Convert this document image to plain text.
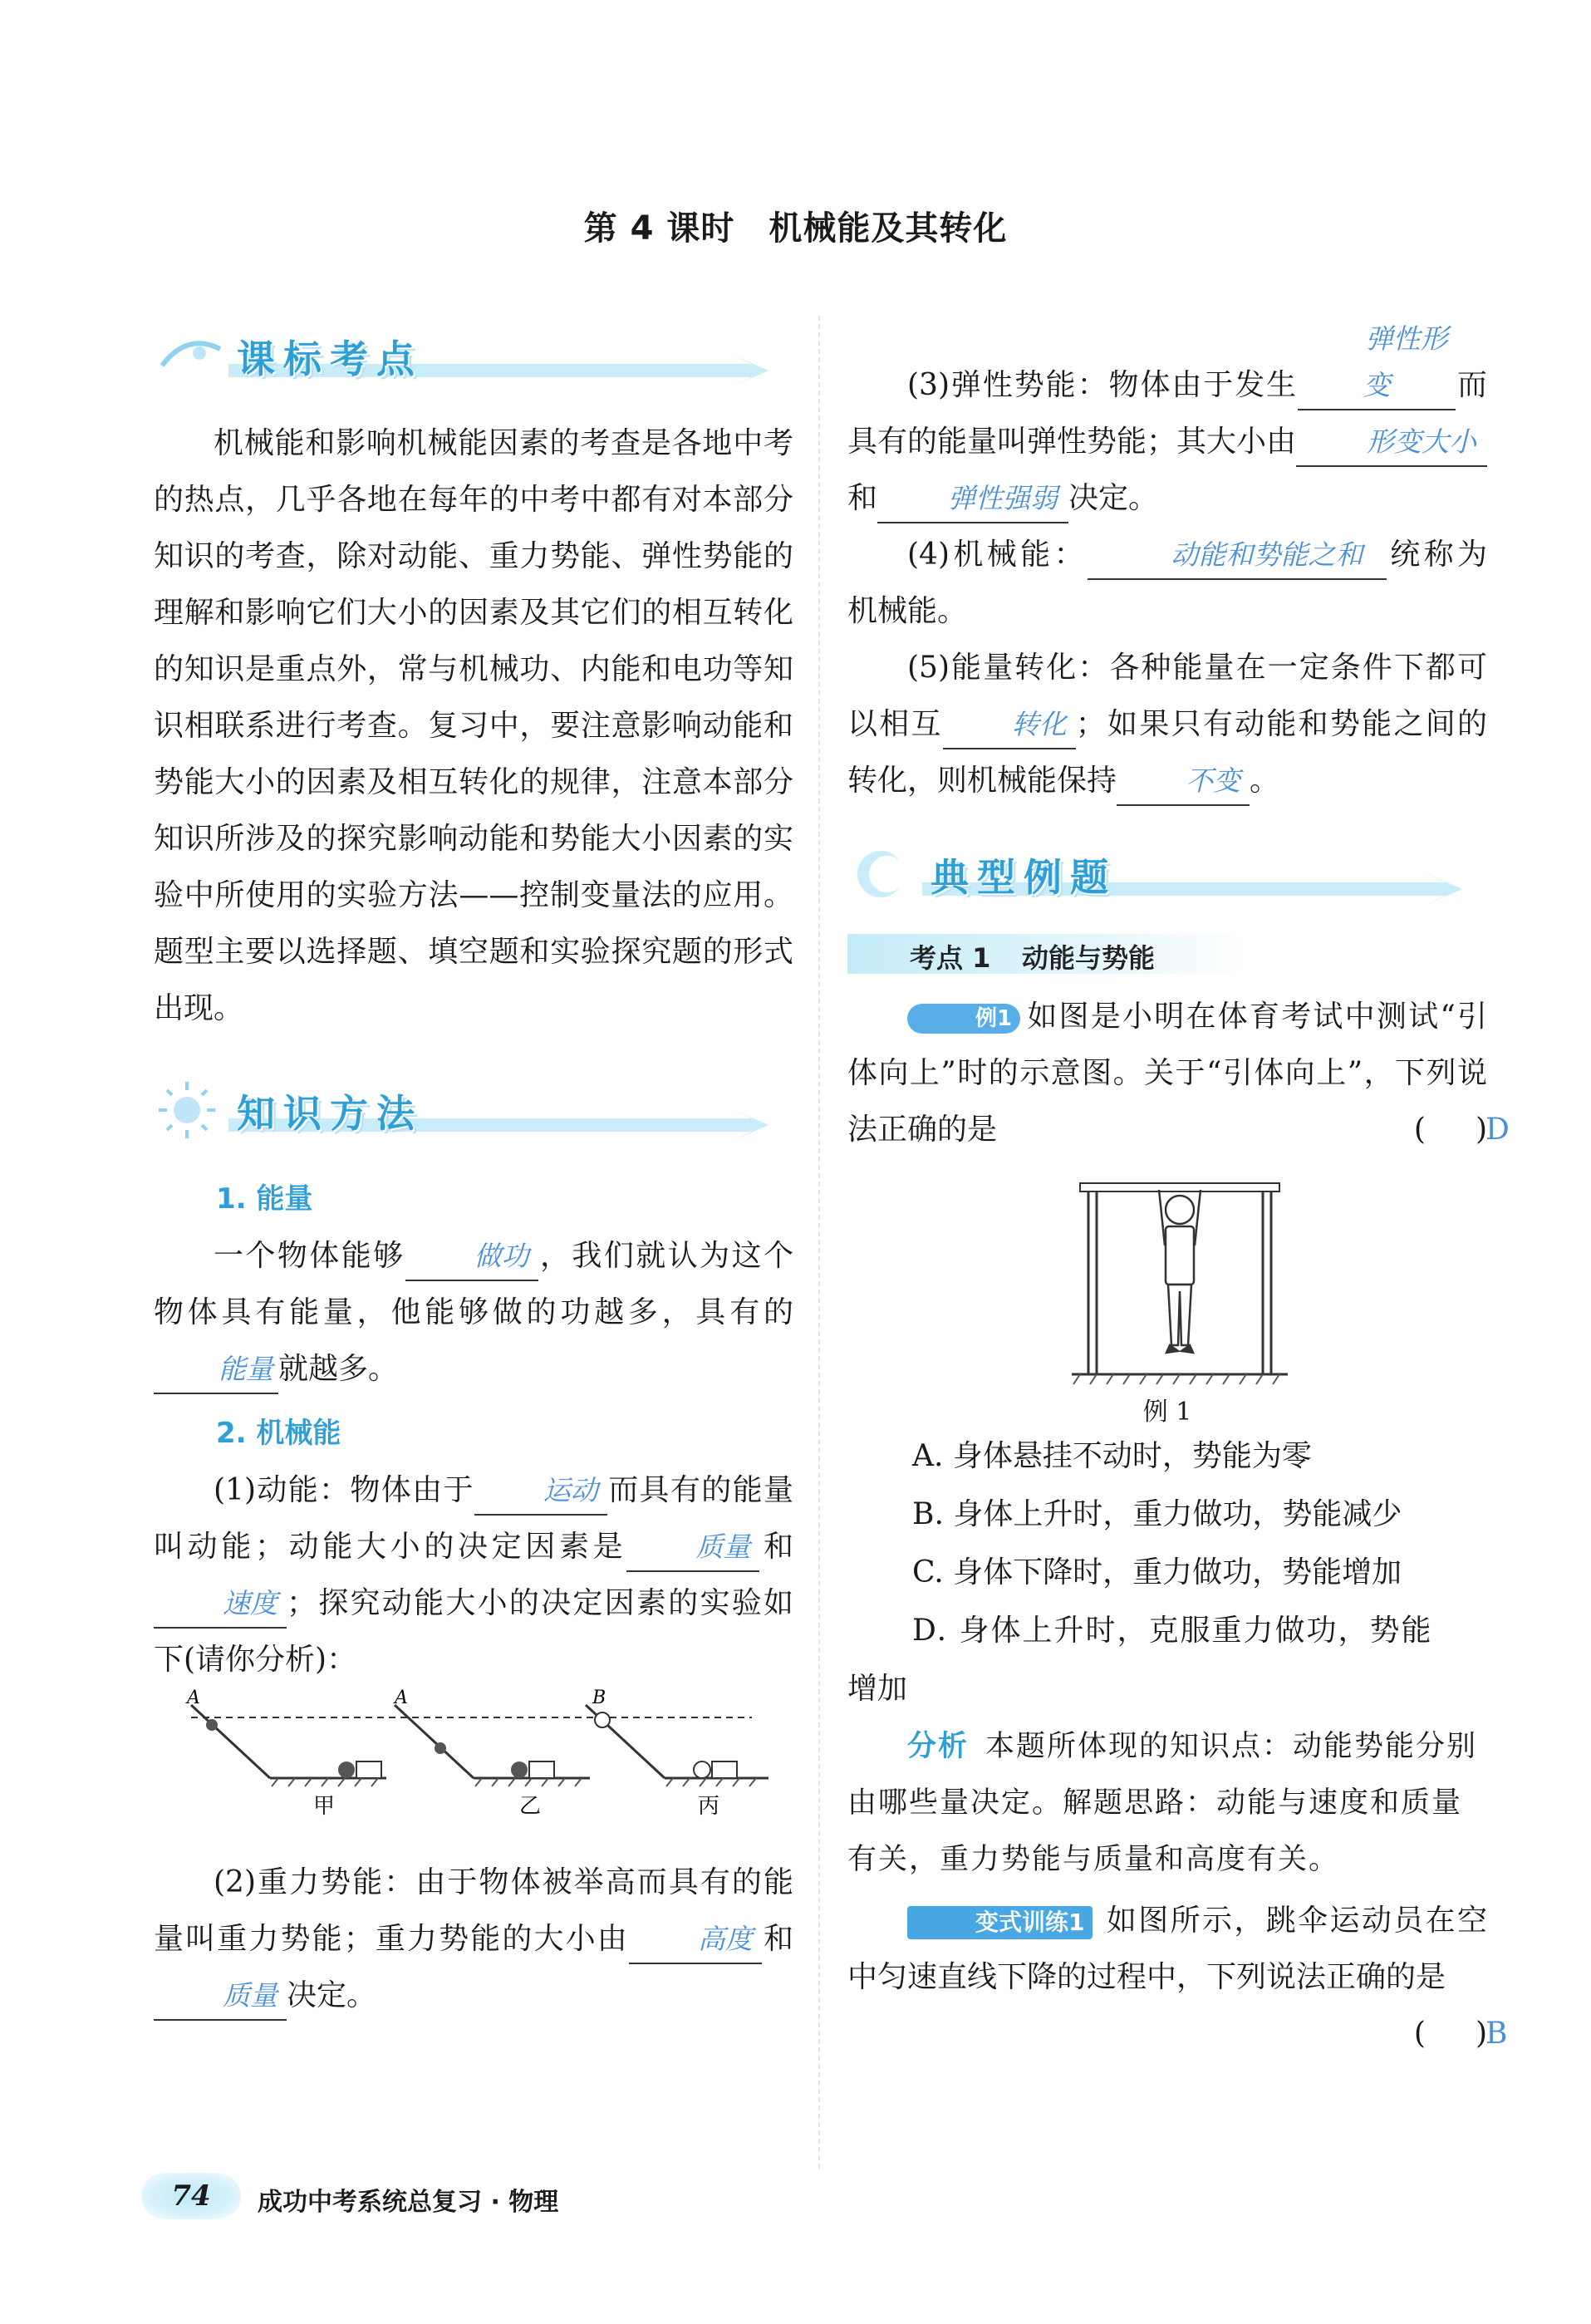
第 4 课时　机械能及其转化
课标考点

机械能和影响机械能因素的考查是各地中考的热点，几乎各地在每年的中考中都有对本部分知识的考查，除对动能、重力势能、弹性势能的理解和影响它们大小的因素及其它们的相互转化的知识是重点外，常与机械功、内能和电功等知识相联系进行考查。复习中，要注意影响动能和势能大小的因素及相互转化的规律，注意本部分知识所涉及的探究影响动能和势能大小因素的实验中所使用的实验方法——控制变量法的应用。题型主要以选择题、填空题和实验探究题的形式出现。

知识方法

1. 能量

一个物体能够	做功 ，我们就认为这个物体具有能量，他能够做的功越多，具有的能量 就越多。

2. 机械能

(1)动能：物体由于	运动 而具有的能量叫动能；动能大小的决定因素是	质量 和速度 ；探究动能大小的决定因素的实验如下(请你分析)：

A
甲
A
乙
B
丙

(2)重力势能：由于物体被举高而具有的能量叫重力势能；重力势能的大小由	高度 和质量 决定。

(3)弹性势能：物体由于发生弹性形变 而具有的能量叫弹性势能；其大小由	形变大小和	弹性强弱 决定。

(4)机械能：	动能和势能之和 统称为机械能。

(5)能量转化：各种能量在一定条件下都可以相互	转化 ；如果只有动能和势能之间的转化，则机械能保持	不变 。

典型例题
考点 1 动能与势能

例1 如图是小明在体育考试中测试“引体向上”时的示意图。关于“引体向上”，下列说法正确的是	( D)

例 1

A. 身体悬挂不动时，势能为零

B. 身体上升时，重力做功，势能减少

C. 身体下降时，重力做功，势能增加

D. 身体上升时，克服重力做功，势能

增加

分析 本题所体现的知识点：动能势能分别由哪些量决定。解题思路：动能与速度和质量有关，重力势能与质量和高度有关。

变式训练1 如图所示，跳伞运动员在空中匀速直线下降的过程中，下列说法正确的是
( B)

74	成功中考系统总复习 · 物理
